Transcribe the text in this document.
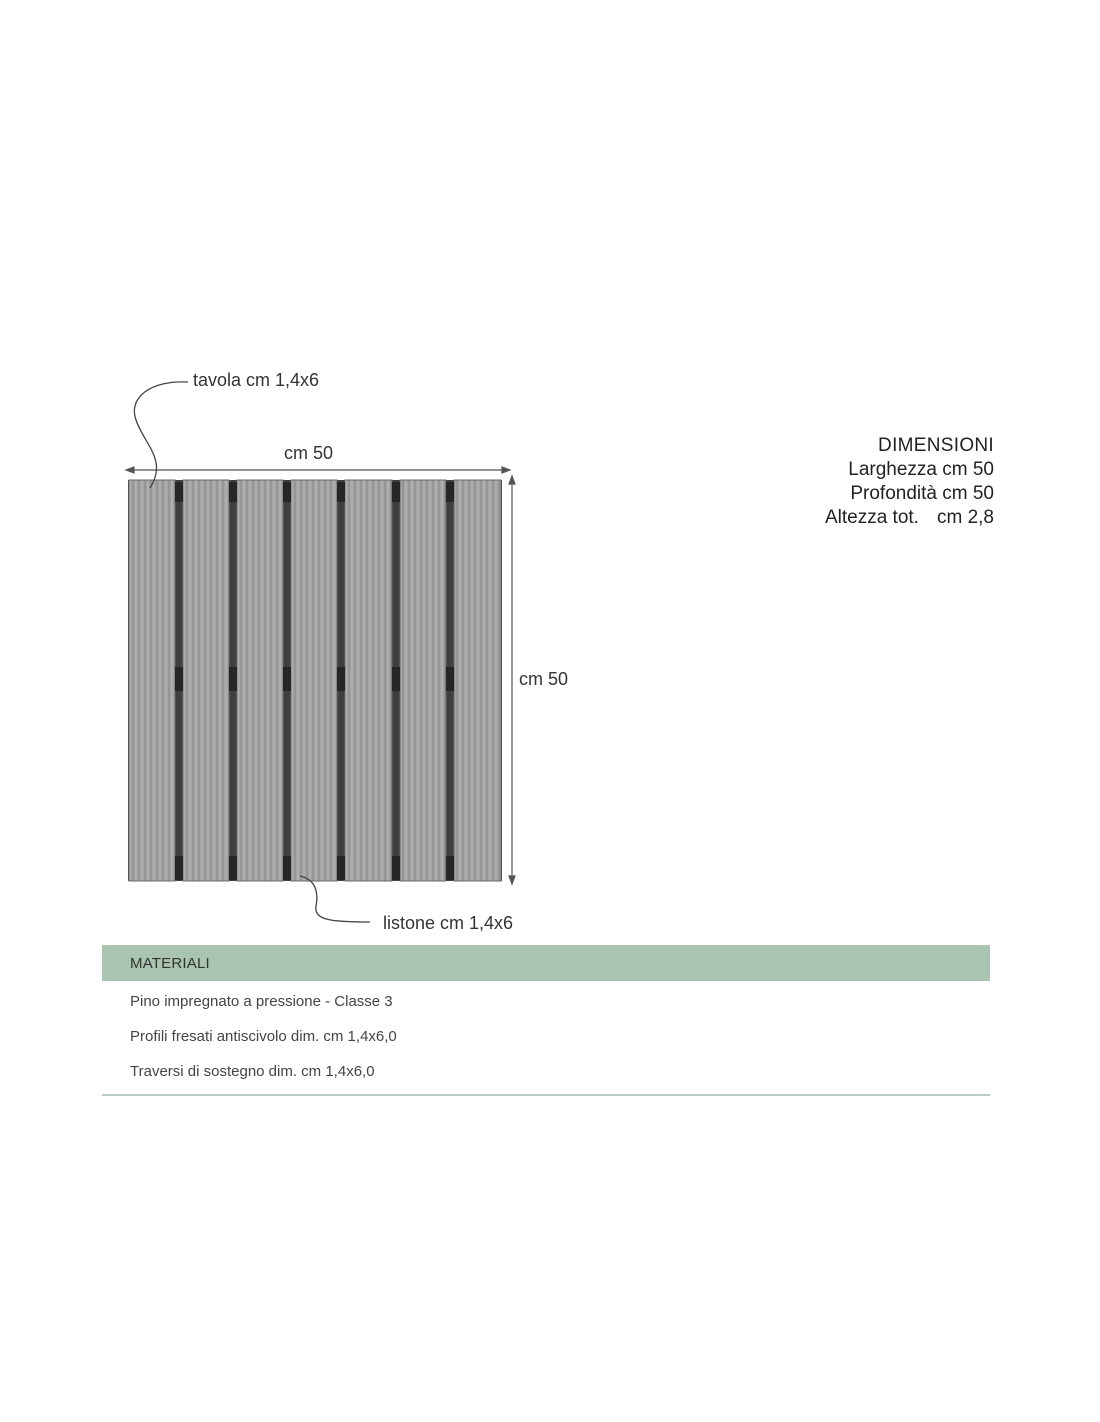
tavola cm 1,4x6
cm 50
cm 50
listone cm 1,4x6
DIMENSIONI
Larghezza cm 50
Profondità cm 50
Altezza tot. cm 2,8
MATERIALI
Pino impregnato a pressione - Classe 3
Profili fresati antiscivolo dim. cm 1,4x6,0
Traversi di sostegno dim. cm 1,4x6,0
